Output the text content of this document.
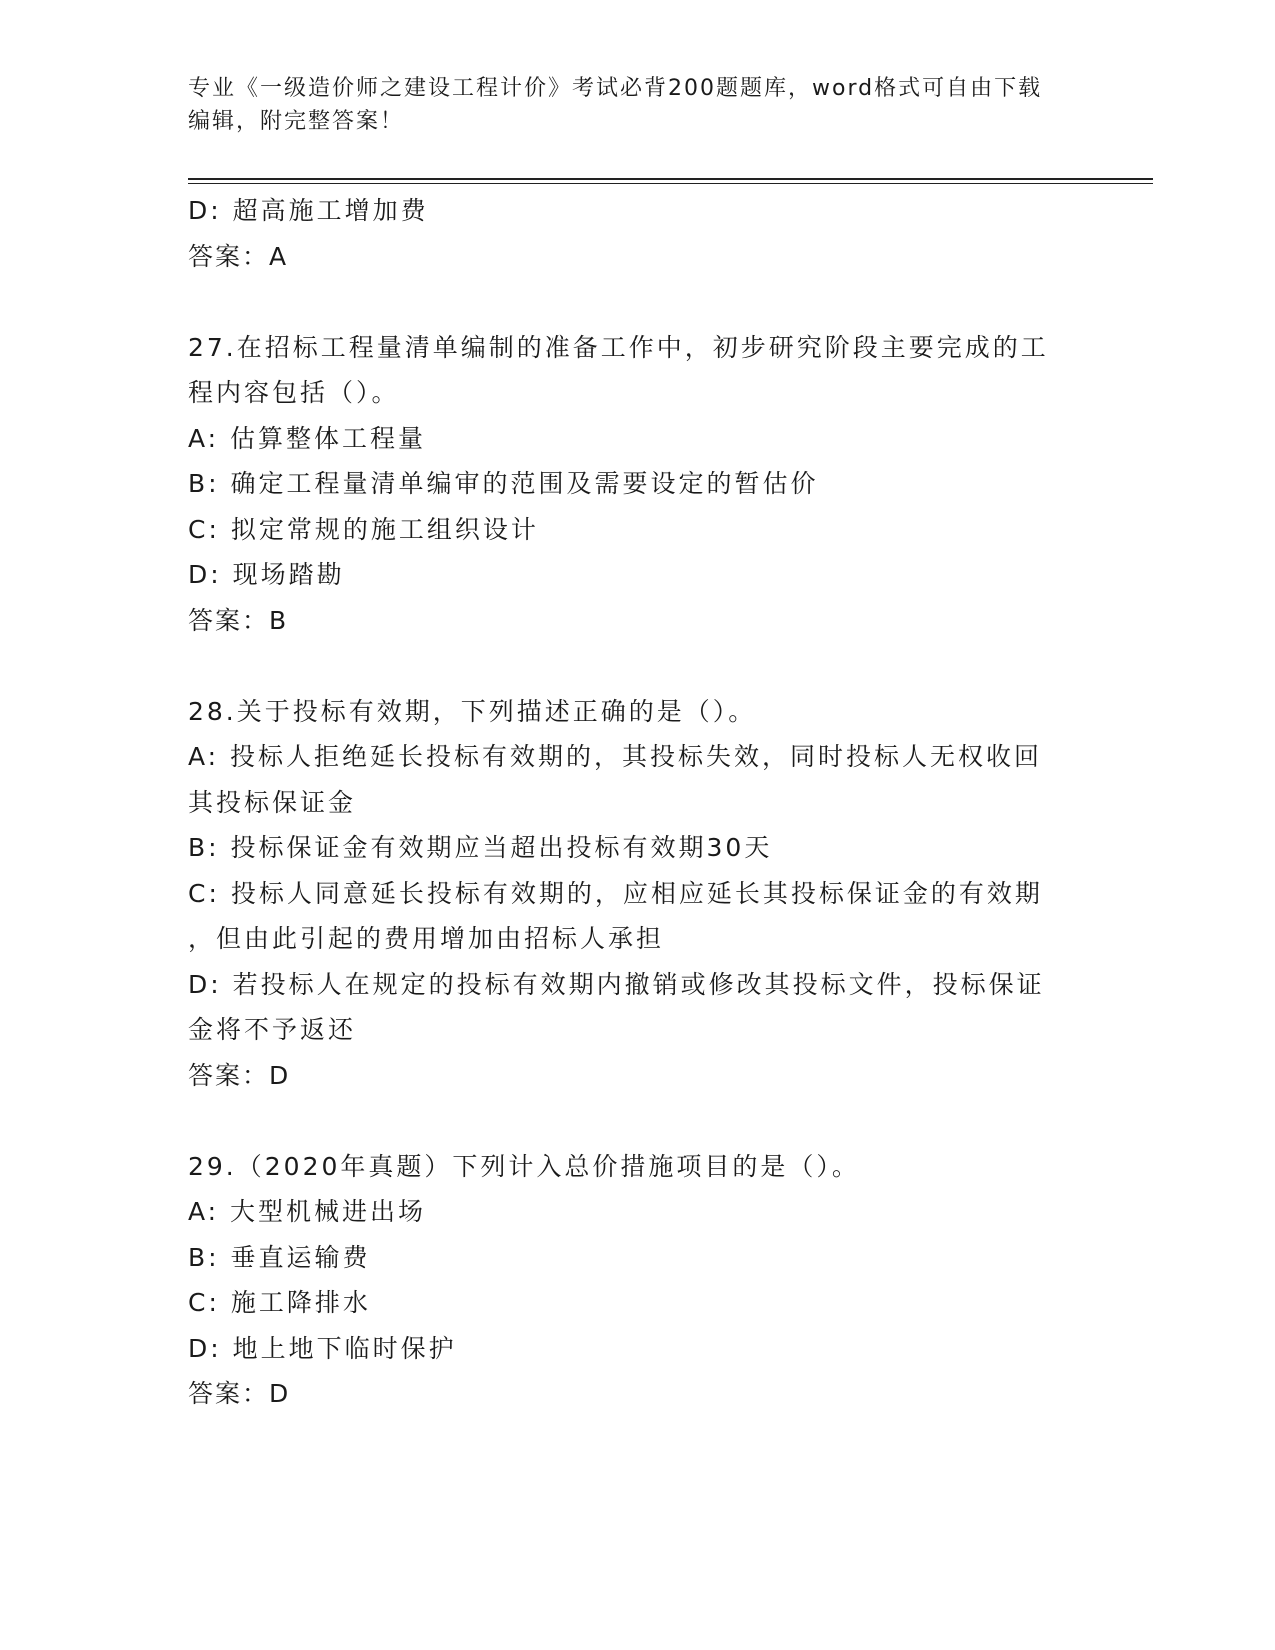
专业《一级造价师之建设工程计价》考试必背200题题库，word格式可自由下载
编辑，附完整答案！
D: 超高施工增加费
答案：A
27.在招标工程量清单编制的准备工作中，初步研究阶段主要完成的工
程内容包括（）。
A: 估算整体工程量
B: 确定工程量清单编审的范围及需要设定的暂估价
C: 拟定常规的施工组织设计
D: 现场踏勘
答案：B
28.关于投标有效期，下列描述正确的是（）。
A: 投标人拒绝延长投标有效期的，其投标失效，同时投标人无权收回
其投标保证金
B: 投标保证金有效期应当超出投标有效期30天
C: 投标人同意延长投标有效期的，应相应延长其投标保证金的有效期
，但由此引起的费用增加由招标人承担
D: 若投标人在规定的投标有效期内撤销或修改其投标文件，投标保证
金将不予返还
答案：D
29.（2020年真题）下列计入总价措施项目的是（）。
A: 大型机械进出场
B: 垂直运输费
C: 施工降排水
D: 地上地下临时保护
答案：D
